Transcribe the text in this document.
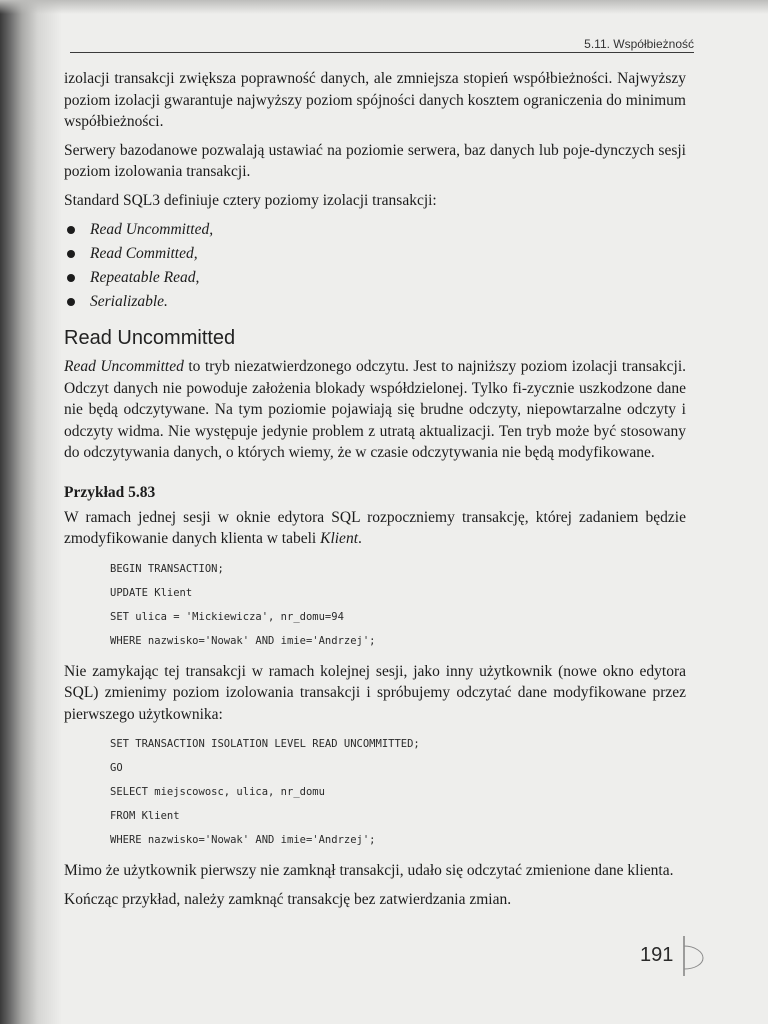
5.11. Współbieżność

izolacji transakcji zwiększa poprawność danych, ale zmniejsza stopień współbieżności. Najwyższy poziom izolacji gwarantuje najwyższy poziom spójności danych kosztem ograniczenia do minimum współbieżności.

Serwery bazodanowe pozwalają ustawiać na poziomie serwera, baz danych lub poje-dynczych sesji poziom izolowania transakcji.

Standard SQL3 definiuje cztery poziomy izolacji transakcji:

Read Uncommitted,
Read Committed,
Repeatable Read,
Serializable.
Read Uncommitted

Read Uncommitted to tryb niezatwierdzonego odczytu. Jest to najniższy poziom izolacji transakcji. Odczyt danych nie powoduje założenia blokady współdzielonej. Tylko fi-zycznie uszkodzone dane nie będą odczytywane. Na tym poziomie pojawiają się brudne odczyty, niepowtarzalne odczyty i odczyty widma. Nie występuje jedynie problem z utratą aktualizacji. Ten tryb może być stosowany do odczytywania danych, o których wiemy, że w czasie odczytywania nie będą modyfikowane.

Przykład 5.83

W ramach jednej sesji w oknie edytora SQL rozpoczniemy transakcję, której zadaniem będzie zmodyfikowanie danych klienta w tabeli Klient.

BEGIN TRANSACTION;
UPDATE Klient
SET ulica = 'Mickiewicza', nr_domu=94
WHERE nazwisko='Nowak' AND imie='Andrzej';

Nie zamykając tej transakcji w ramach kolejnej sesji, jako inny użytkownik (nowe okno edytora SQL) zmienimy poziom izolowania transakcji i spróbujemy odczytać dane modyfikowane przez pierwszego użytkownika:

SET TRANSACTION ISOLATION LEVEL READ UNCOMMITTED;
GO
SELECT miejscowosc, ulica, nr_domu
FROM Klient
WHERE nazwisko='Nowak' AND imie='Andrzej';

Mimo że użytkownik pierwszy nie zamknął transakcji, udało się odczytać zmienione dane klienta.

Kończąc przykład, należy zamknąć transakcję bez zatwierdzania zmian.

191
